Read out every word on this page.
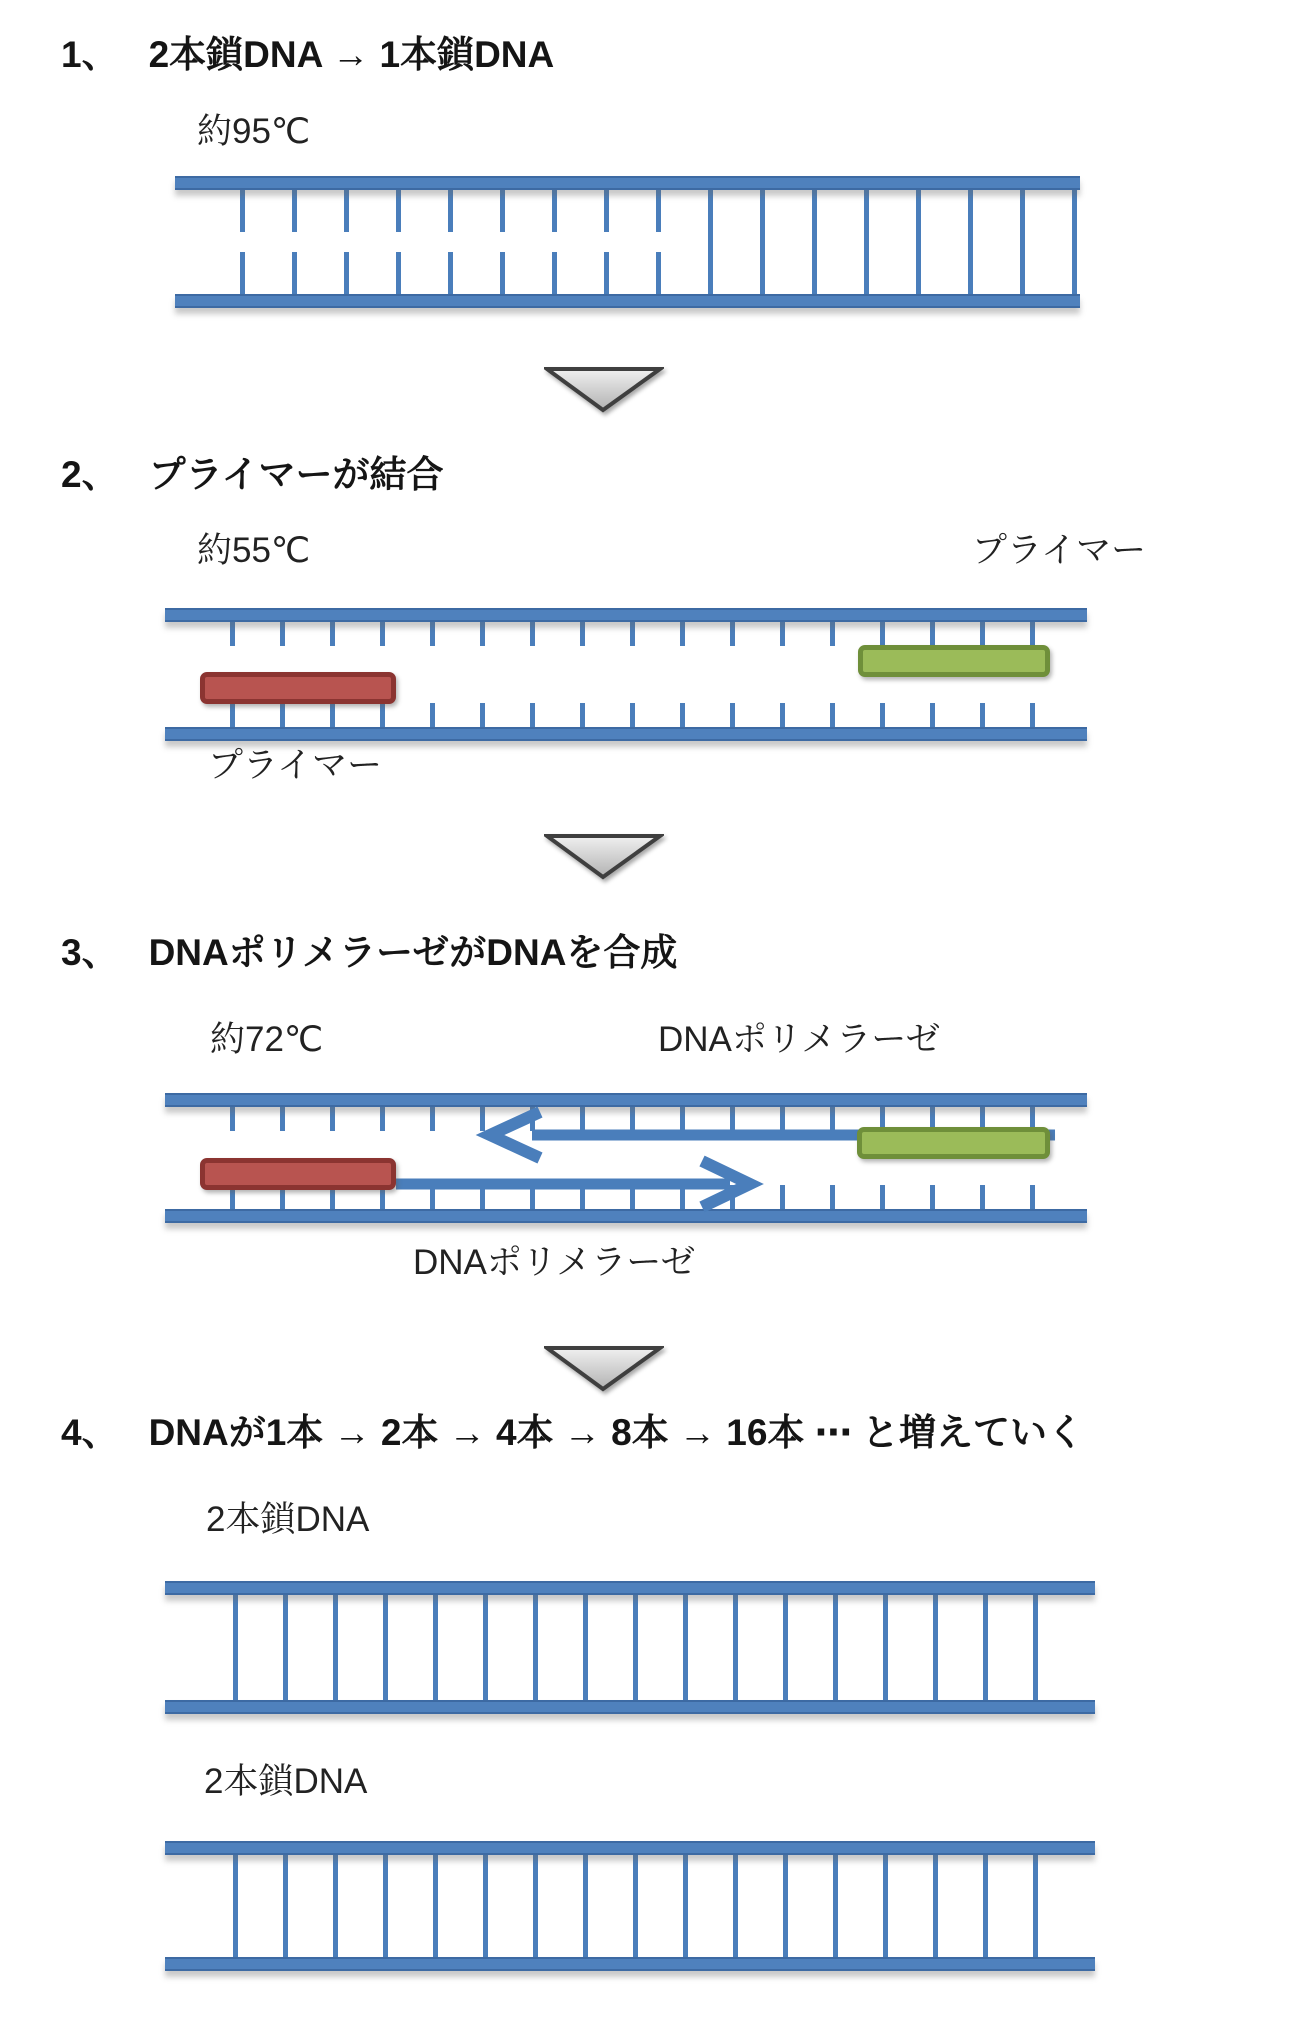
1、 2本鎖DNA → 1本鎖DNA
約95℃
2、 プライマーが結合
約55℃	プライマー
プライマー
3、 DNAポリメラーゼがDNAを合成
約72℃	DNAポリメラーゼ
DNAポリメラーゼ
4、 DNAが1本 → 2本 → 4本 → 8本 → 16本 ⋯ と増えていく
2本鎖DNA
2本鎖DNA
